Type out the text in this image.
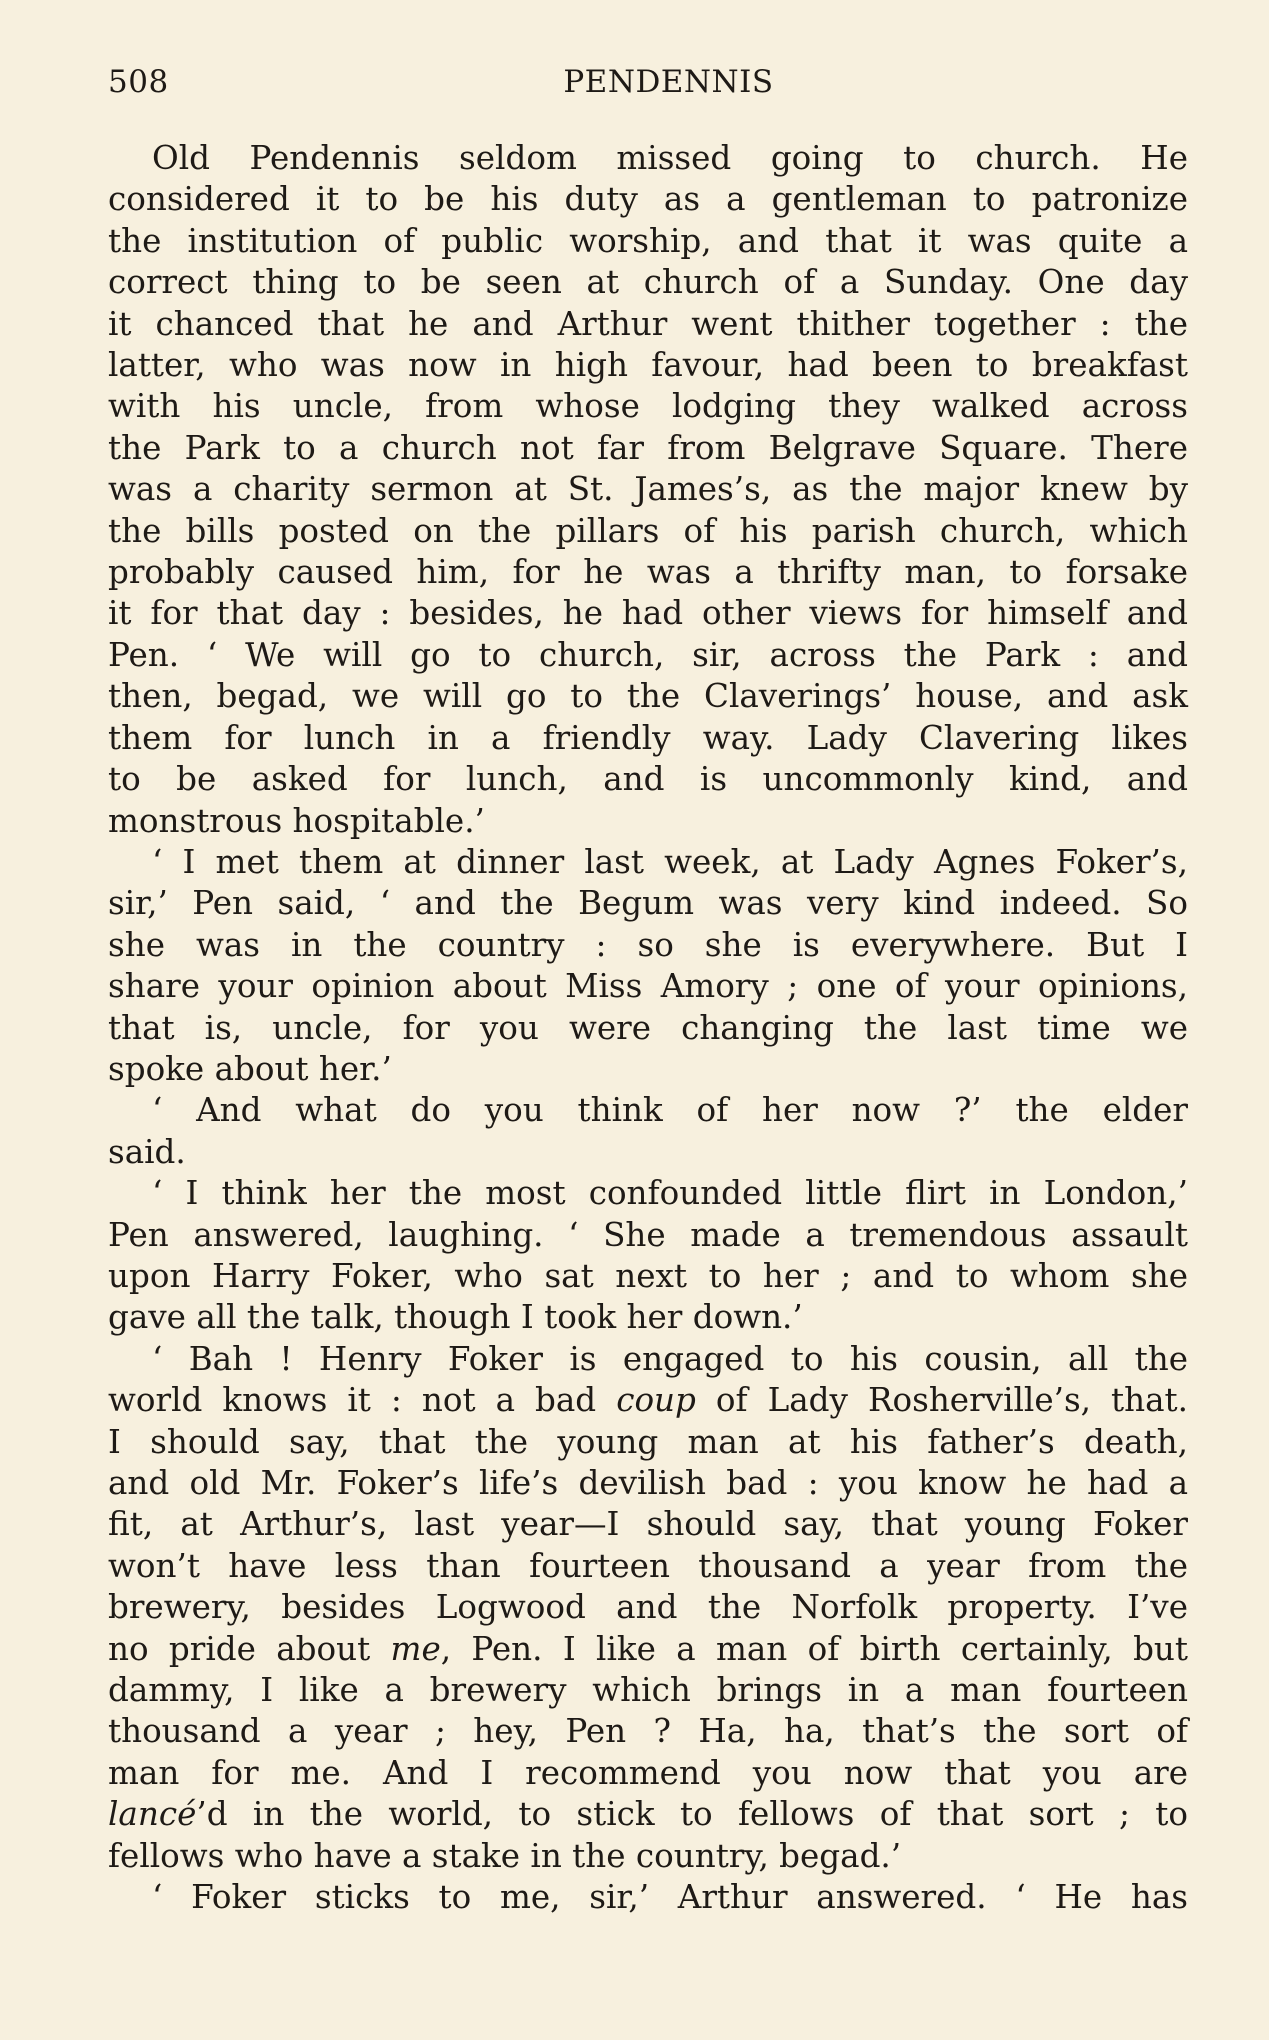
508	PENDENNIS
Old Pendennis seldom missed going to church. He
considered it to be his duty as a gentleman to patronize
the institution of public worship, and that it was quite a
correct thing to be seen at church of a Sunday. One day
it chanced that he and Arthur went thither together : the
latter, who was now in high favour, had been to breakfast
with his uncle, from whose lodging they walked across
the Park to a church not far from Belgrave Square. There
was a charity sermon at St. James’s, as the major knew by
the bills posted on the pillars of his parish church, which
probably caused him, for he was a thrifty man, to forsake
it for that day : besides, he had other views for himself and
Pen. ‘ We will go to church, sir, across the Park : and
then, begad, we will go to the Claverings’ house, and ask
them for lunch in a friendly way. Lady Clavering likes
to be asked for lunch, and is uncommonly kind, and
monstrous hospitable.’
‘ I met them at dinner last week, at Lady Agnes Foker’s,
sir,’ Pen said, ‘ and the Begum was very kind indeed. So
she was in the country : so she is everywhere. But I
share your opinion about Miss Amory ; one of your opinions,
that is, uncle, for you were changing the last time we
spoke about her.’
‘ And what do you think of her now ?’ the elder
said.
‘ I think her the most confounded little flirt in London,’
Pen answered, laughing. ‘ She made a tremendous assault
upon Harry Foker, who sat next to her ; and to whom she
gave all the talk, though I took her down.’
‘ Bah ! Henry Foker is engaged to his cousin, all the
world knows it : not a bad coup of Lady Rosherville’s, that.
I should say, that the young man at his father’s death,
and old Mr. Foker’s life’s devilish bad : you know he had a
fit, at Arthur’s, last year—I should say, that young Foker
won’t have less than fourteen thousand a year from the
brewery, besides Logwood and the Norfolk property. I’ve
no pride about me, Pen. I like a man of birth certainly, but
dammy, I like a brewery which brings in a man fourteen
thousand a year ; hey, Pen ? Ha, ha, that’s the sort of
man for me. And I recommend you now that you are
lancé’d in the world, to stick to fellows of that sort ; to
fellows who have a stake in the country, begad.’
‘ Foker sticks to me, sir,’ Arthur answered. ‘ He has
